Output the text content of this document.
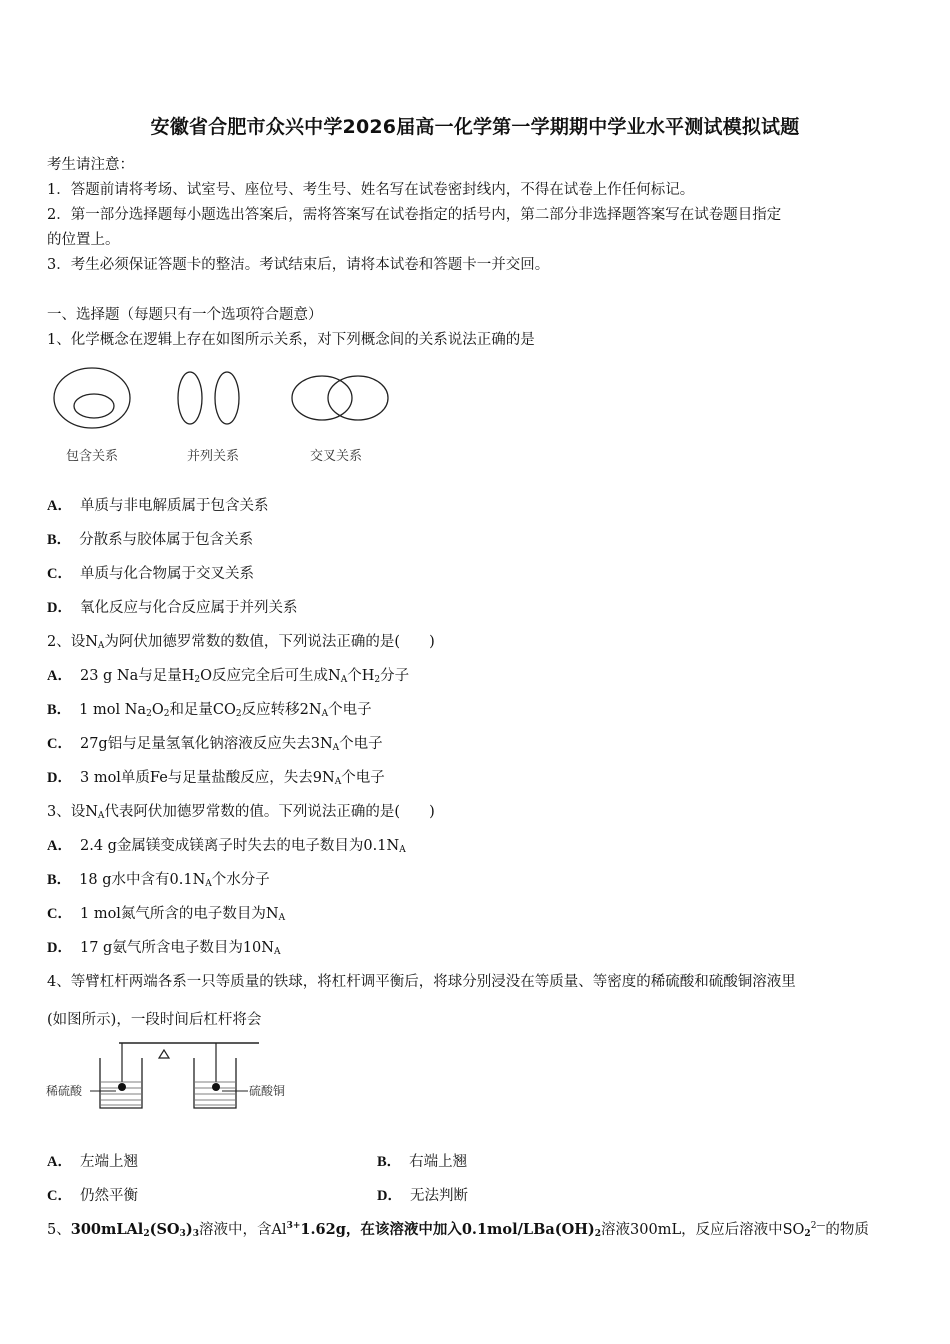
安徽省合肥市众兴中学2026届高一化学第一学期期中学业水平测试模拟试题
考生请注意：
1．答题前请将考场、试室号、座位号、考生号、姓名写在试卷密封线内，不得在试卷上作任何标记。
2．第一部分选择题每小题选出答案后，需将答案写在试卷指定的括号内，第二部分非选择题答案写在试卷题目指定
的位置上。
3．考生必须保证答题卡的整洁。考试结束后，请将本试卷和答题卡一并交回。
一、选择题（每题只有一个选项符合题意）
1、化学概念在逻辑上存在如图所示关系，对下列概念间的关系说法正确的是
包含关系	并列关系	交叉关系
A． 单质与非电解质属于包含关系
B． 分散系与胶体属于包含关系
C． 单质与化合物属于交叉关系
D． 氧化反应与化合反应属于并列关系
2、设$N_A$为阿伏加德罗常数的数值，下列说法正确的是(　　)
A． 23 g Na与足量$H_2O$反应完全后可生成$N_A$个$H_2$分子
B． 1 mol $Na_2O_2$和足量$CO_2$反应转移$2N_A$个电子
C． 27g铝与足量氢氧化钠溶液反应失去$3N_A$个电子
D． 3 mol单质Fe与足量盐酸反应，失去$9N_A$个电子
3、设$N_A$代表阿伏加德罗常数的值。下列说法正确的是(　　)
A． 2.4 g金属镁变成镁离子时失去的电子数目为$0.1N_A$
B． 18 g水中含有$0.1N_A$个水分子
C． 1 mol氮气所含的电子数目为$N_A$
D． 17 g氨气所含电子数目为$10N_A$
4、等臂杠杆两端各系一只等质量的铁球，将杠杆调平衡后，将球分别浸没在等质量、等密度的稀硫酸和硫酸铜溶液里
(如图所示)，一段时间后杠杆将会
稀硫酸	硫酸铜
A． 左端上翘	B． 右端上翘
C． 仍然平衡	D． 无法判断
5、$300mLAl_2(SO_3)_3$溶液中，含$Al^{3+}1.62g$，在该溶液中加入$0.1mol/LBa(OH)_2$溶液300mL，反应后溶液中$SO_2^{2—}$的物质
